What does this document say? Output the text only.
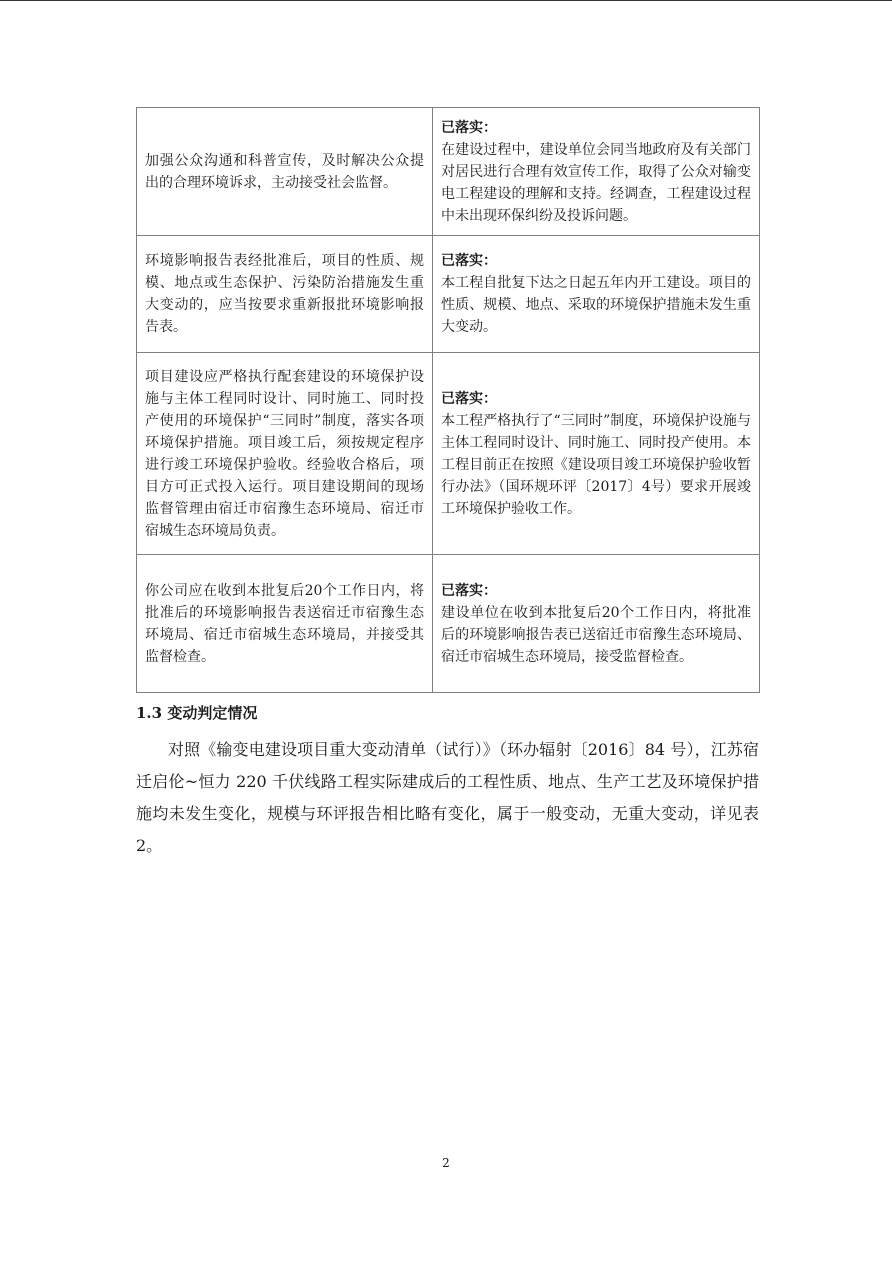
加强公众沟通和科普宣传，及时解决公众提出的合理环境诉求，主动接受社会监督。	已落实：
在建设过程中，建设单位会同当地政府及有关部门对居民进行合理有效宣传工作，取得了公众对输变电工程建设的理解和支持。经调查，工程建设过程中未出现环保纠纷及投诉问题。

环境影响报告表经批准后，项目的性质、规模、地点或生态保护、污染防治措施发生重大变动的，应当按要求重新报批环境影响报告表。	已落实：
本工程自批复下达之日起五年内开工建设。项目的性质、规模、地点、采取的环境保护措施未发生重大变动。

项目建设应严格执行配套建设的环境保护设施与主体工程同时设计、同时施工、同时投产使用的环境保护“三同时”制度，落实各项环境保护措施。项目竣工后，须按规定程序进行竣工环境保护验收。经验收合格后，项目方可正式投入运行。项目建设期间的现场监督管理由宿迁市宿豫生态环境局、宿迁市宿城生态环境局负责。	已落实：
本工程严格执行了“三同时”制度，环境保护设施与主体工程同时设计、同时施工、同时投产使用。本工程目前正在按照《建设项目竣工环境保护验收暂行办法》（国环规环评〔2017〕4号）要求开展竣工环境保护验收工作。

你公司应在收到本批复后20个工作日内，将批准后的环境影响报告表送宿迁市宿豫生态环境局、宿迁市宿城生态环境局，并接受其监督检查。	已落实：
建设单位在收到本批复后20个工作日内，将批准后的环境影响报告表已送宿迁市宿豫生态环境局、宿迁市宿城生态环境局，接受监督检查。
1.3 变动判定情况

对照《输变电建设项目重大变动清单（试行）》（环办辐射〔2016〕84 号），江苏宿迁启伦~恒力 220 千伏线路工程实际建成后的工程性质、地点、生产工艺及环境保护措施均未发生变化，规模与环评报告相比略有变化，属于一般变动，无重大变动，详见表 2。

2
